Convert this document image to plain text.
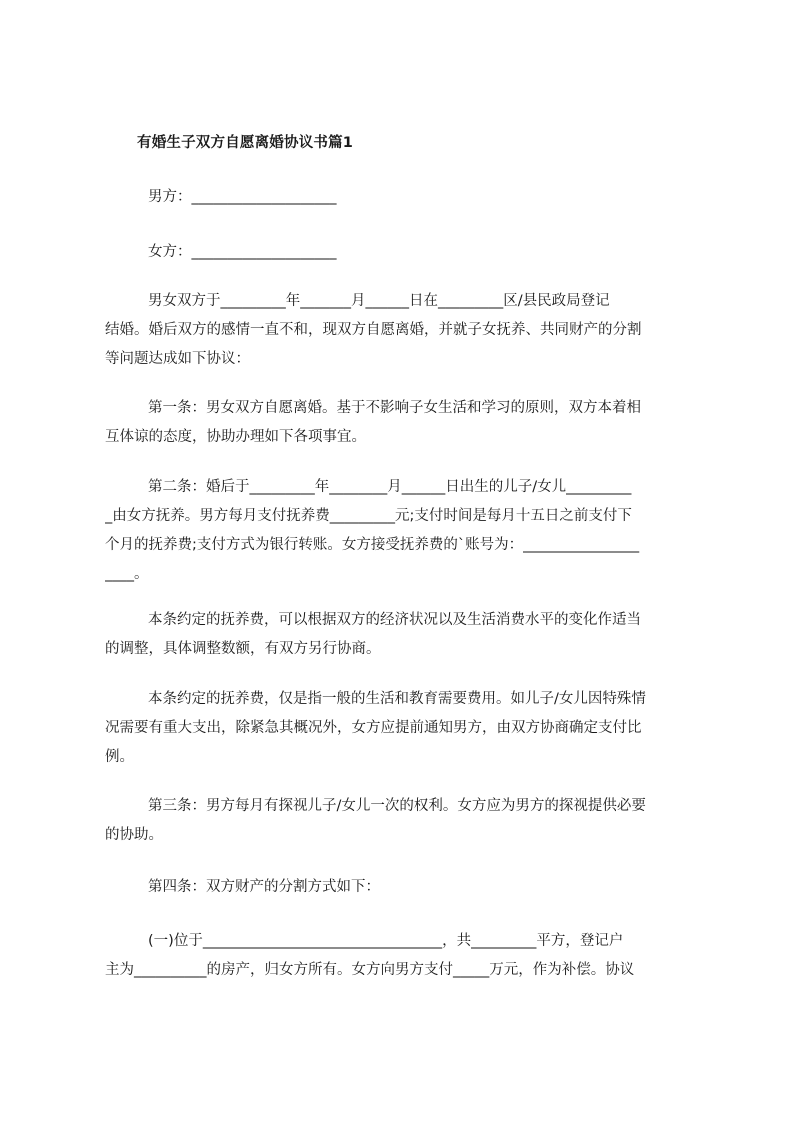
有婚生子双方自愿离婚协议书篇1
男方：____________________
女方：____________________
男女双方于_________年_______月______日在_________区/县民政局登记
结婚。婚后双方的感情一直不和，现双方自愿离婚，并就子女抚养、共同财产的分割
等问题达成如下协议：
第一条：男女双方自愿离婚。基于不影响子女生活和学习的原则，双方本着相
互体谅的态度，协助办理如下各项事宜。
第二条：婚后于_________年________月______日出生的儿子/女儿_________
_由女方抚养。男方每月支付抚养费_________元;支付时间是每月十五日之前支付下
个月的抚养费;支付方式为银行转账。女方接受抚养费的`账号为：________________
____。
本条约定的抚养费，可以根据双方的经济状况以及生活消费水平的变化作适当
的调整，具体调整数额，有双方另行协商。
本条约定的抚养费，仅是指一般的生活和教育需要费用。如儿子/女儿因特殊情
况需要有重大支出，除紧急其概况外，女方应提前通知男方，由双方协商确定支付比
例。
第三条：男方每月有探视儿子/女儿一次的权利。女方应为男方的探视提供必要
的协助。
第四条：双方财产的分割方式如下：
(一)位于_________________________________，共_________平方，登记户
主为__________的房产，归女方所有。女方向男方支付_____万元，作为补偿。协议
